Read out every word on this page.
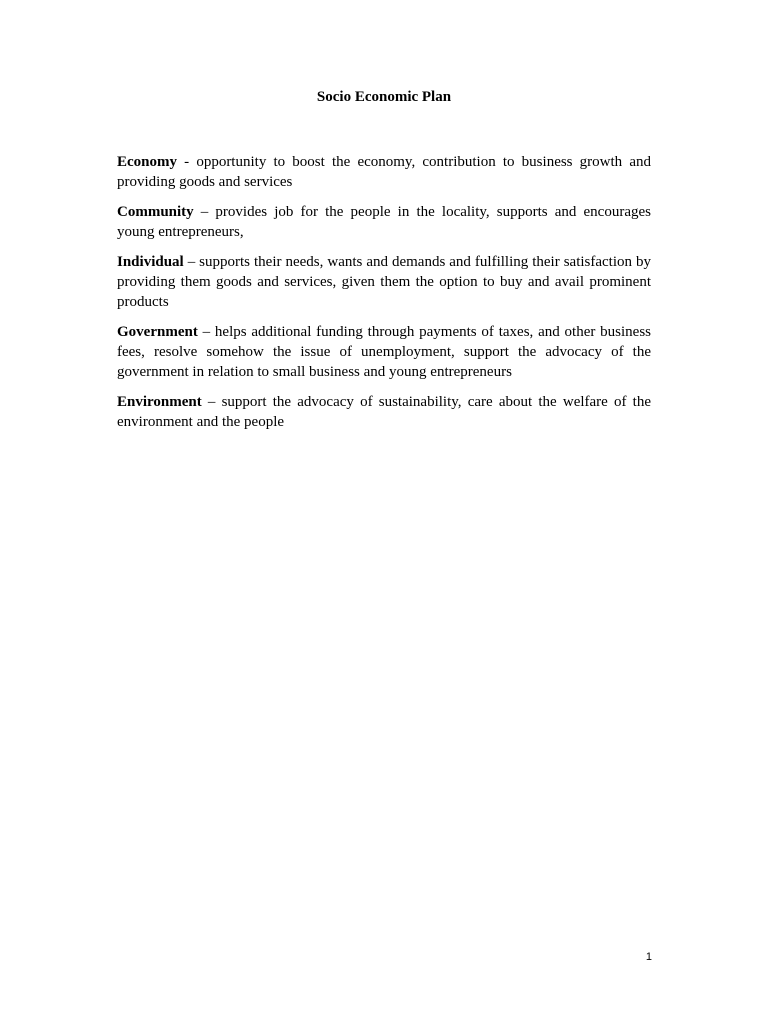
Socio Economic Plan

Economy - opportunity to boost the economy, contribution to business growth and providing goods and services

Community – provides job for the people in the locality, supports and encourages young entrepreneurs,

Individual – supports their needs, wants and demands and fulfilling their satisfaction by providing them goods and services, given them the option to buy and avail prominent products

Government – helps additional funding through payments of taxes, and other business fees, resolve somehow the issue of unemployment, support the advocacy of the government in relation to small business and young entrepreneurs

Environment – support the advocacy of sustainability, care about the welfare of the environment and the people

1
